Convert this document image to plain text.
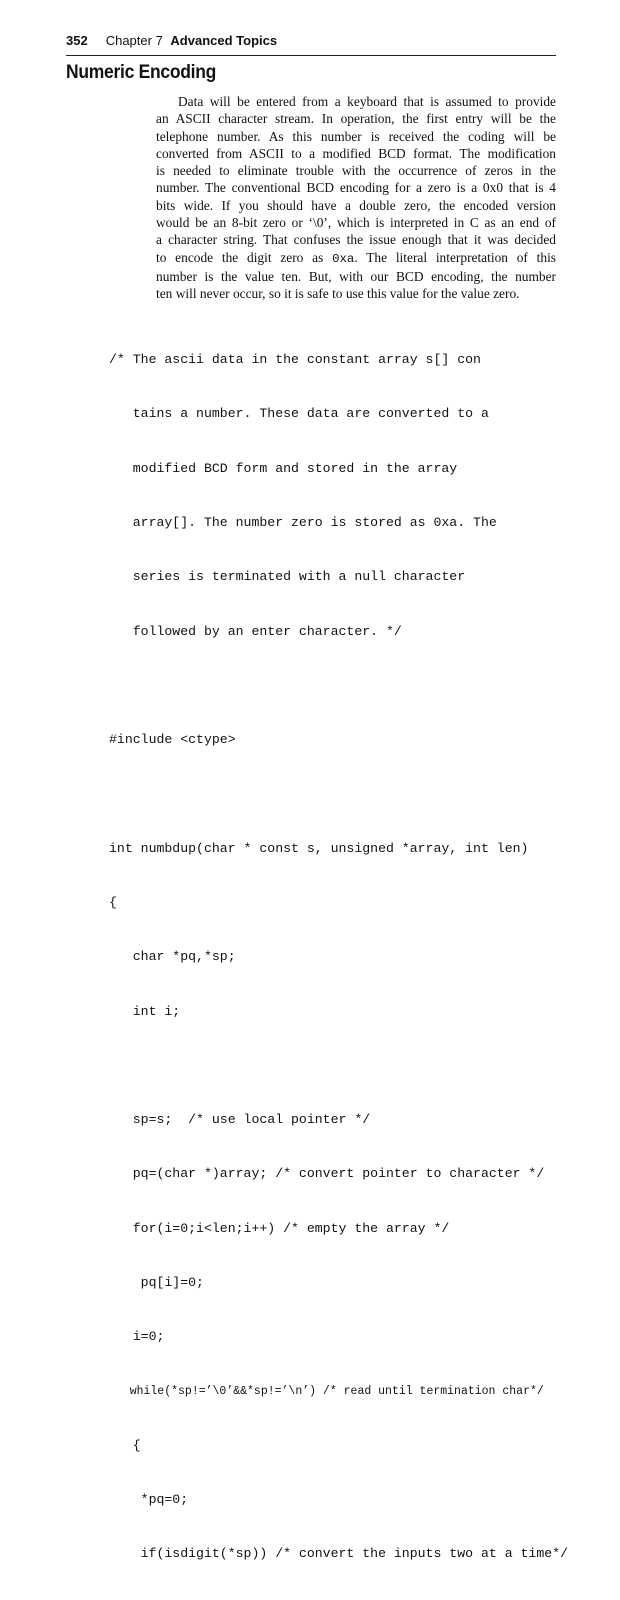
352 Chapter 7 Advanced Topics
Numeric Encoding
Data will be entered from a keyboard that is assumed to provide
an ASCII character stream. In operation, the first entry will be the
telephone number. As this number is received the coding will be
converted from ASCII to a modified BCD format. The modification
is needed to eliminate trouble with the occurrence of zeros in the
number. The conventional BCD encoding for a zero is a 0x0 that is 4
bits wide. If you should have a double zero, the encoded version
would be an 8-bit zero or ‘\0’, which is interpreted in C as an end of
a character string. That confuses the issue enough that it was decided
to encode the digit zero as 0xa. The literal interpretation of this
number is the value ten. But, with our BCD encoding, the number
ten will never occur, so it is safe to use this value for the value zero.

/* The ascii data in the constant array s[] con

tains a number. These data are converted to a

modified BCD form and stored in the array

array[]. The number zero is stored as 0xa. The

series is terminated with a null character

followed by an enter character. */

#include <ctype>

int numbdup(char * const s, unsigned *array, int len)

{

char *pq,*sp;

int i;

sp=s;  /* use local pointer */

pq=(char *)array; /* convert pointer to character */

for(i=0;i<len;i++) /* empty the array */

pq[i]=0;

i=0;

while(*sp!=’\0’&&*sp!=’\n’) /* read until termination char*/

{

*pq=0;

if(isdigit(*sp)) /* convert the inputs two at a time*/
